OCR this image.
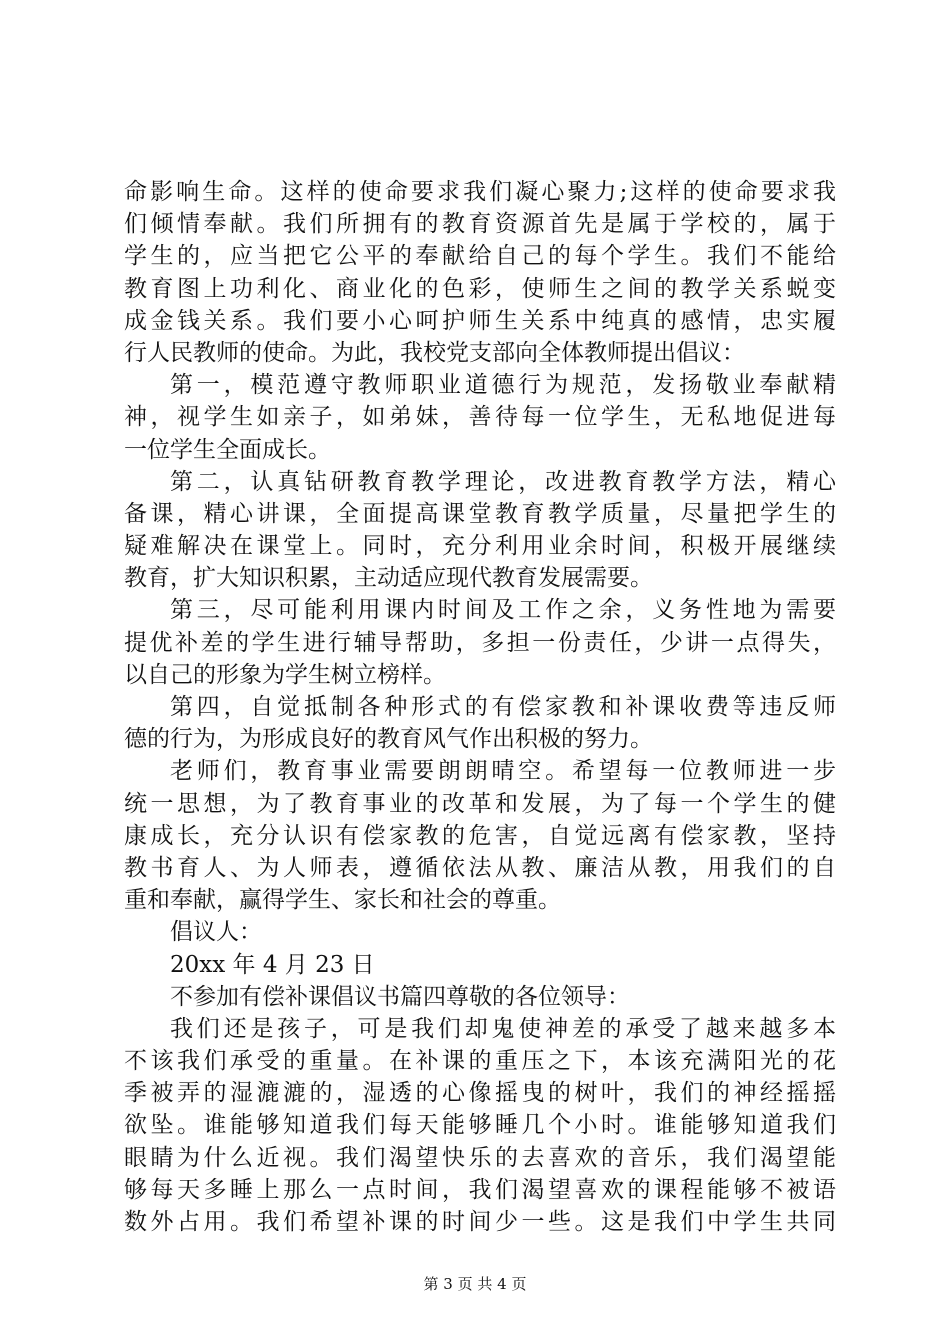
命影响生命。这样的使命要求我们凝心聚力;这样的使命要求我
们倾情奉献。我们所拥有的教育资源首先是属于学校的，属于
学生的，应当把它公平的奉献给自己的每个学生。我们不能给
教育图上功利化、商业化的色彩，使师生之间的教学关系蜕变
成金钱关系。我们要小心呵护师生关系中纯真的感情，忠实履
行人民教师的使命。为此，我校党支部向全体教师提出倡议：
第一，模范遵守教师职业道德行为规范，发扬敬业奉献精
神，视学生如亲子，如弟妹，善待每一位学生，无私地促进每
一位学生全面成长。
第二，认真钻研教育教学理论，改进教育教学方法，精心
备课，精心讲课，全面提高课堂教育教学质量，尽量把学生的
疑难解决在课堂上。同时，充分利用业余时间，积极开展继续
教育，扩大知识积累，主动适应现代教育发展需要。
第三，尽可能利用课内时间及工作之余，义务性地为需要
提优补差的学生进行辅导帮助，多担一份责任，少讲一点得失，
以自己的形象为学生树立榜样。
第四，自觉抵制各种形式的有偿家教和补课收费等违反师
德的行为，为形成良好的教育风气作出积极的努力。
老师们，教育事业需要朗朗晴空。希望每一位教师进一步
统一思想，为了教育事业的改革和发展，为了每一个学生的健
康成长，充分认识有偿家教的危害，自觉远离有偿家教，坚持
教书育人、为人师表，遵循依法从教、廉洁从教，用我们的自
重和奉献，赢得学生、家长和社会的尊重。
倡议人：
20xx 年 4 月 23 日
不参加有偿补课倡议书篇四尊敬的各位领导：
我们还是孩子，可是我们却鬼使神差的承受了越来越多本
不该我们承受的重量。在补课的重压之下，本该充满阳光的花
季被弄的湿漉漉的，湿透的心像摇曳的树叶，我们的神经摇摇
欲坠。谁能够知道我们每天能够睡几个小时。谁能够知道我们
眼睛为什么近视。我们渴望快乐的去喜欢的音乐，我们渴望能
够每天多睡上那么一点时间，我们渴望喜欢的课程能够不被语
数外占用。我们希望补课的时间少一些。这是我们中学生共同
第 3 页 共 4 页
